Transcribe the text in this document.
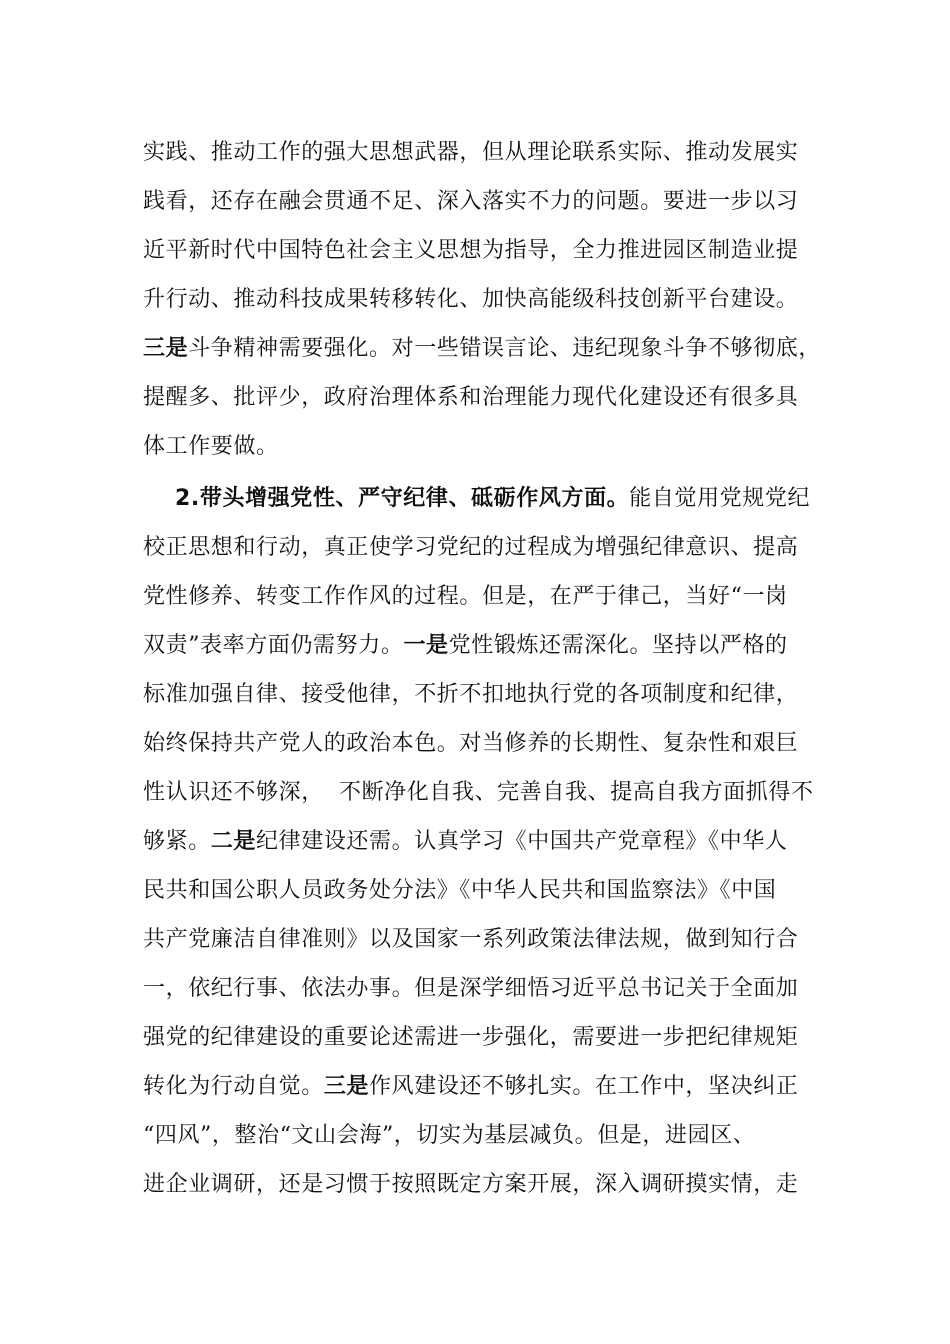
实践、推动工作的强大思想武器，但从理论联系实际、推动发展实
践看，还存在融会贯通不足、深入落实不力的问题。要进一步以习
近平新时代中国特色社会主义思想为指导，全力推进园区制造业提
升行动、推动科技成果转移转化、加快高能级科技创新平台建设。
三是斗争精神需要强化。对一些错误言论、违纪现象斗争不够彻底，
提醒多、批评少，政府治理体系和治理能力现代化建设还有很多具
体工作要做。
2.带头增强党性、严守纪律、砥砺作风方面。能自觉用党规党纪
校正思想和行动，真正使学习党纪的过程成为增强纪律意识、提高
党性修养、转变工作作风的过程。但是，在严于律己，当好“一岗
双责”表率方面仍需努力。一是党性锻炼还需深化。坚持以严格的
标准加强自律、接受他律，不折不扣地执行党的各项制度和纪律，
始终保持共产党人的政治本色。对当修养的长期性、复杂性和艰巨
性认识还不够深，  不断净化自我、完善自我、提高自我方面抓得不
够紧。二是纪律建设还需。认真学习《中国共产党章程》《中华人
民共和国公职人员政务处分法》《中华人民共和国监察法》《中国
共产党廉洁自律准则》以及国家一系列政策法律法规，做到知行合
一，依纪行事、依法办事。但是深学细悟习近平总书记关于全面加
强党的纪律建设的重要论述需进一步强化，需要进一步把纪律规矩
转化为行动自觉。三是作风建设还不够扎实。在工作中，坚决纠正
“四风”，整治“文山会海”，切实为基层减负。但是，进园区、
进企业调研，还是习惯于按照既定方案开展，深入调研摸实情，走
